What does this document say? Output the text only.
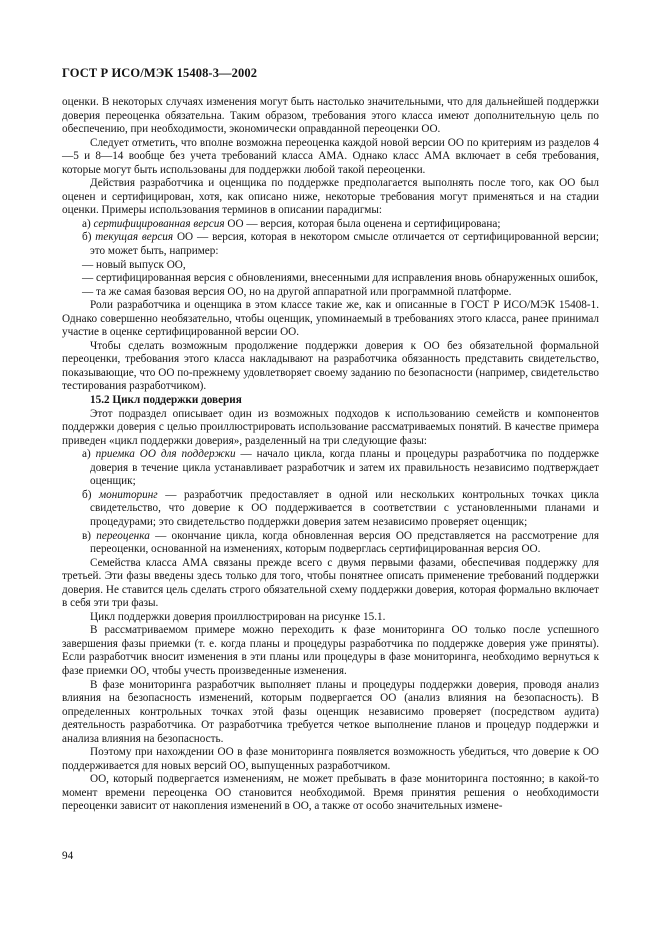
ГОСТ Р ИСО/МЭК 15408-3—2002

оценки. В некоторых случаях изменения могут быть настолько значительными, что для дальнейшей поддержки доверия переоценка обязательна. Таким образом, требования этого класса имеют дополнительную цель по обеспечению, при необходимости, экономически оправданной переоценки ОО.

Следует отметить, что вполне возможна переоценка каждой новой версии ОО по критериям из разделов 4—5 и 8—14 вообще без учета требований класса АМА. Однако класс АМА включает в себя требования, которые могут быть использованы для поддержки любой такой переоценки.

Действия разработчика и оценщика по поддержке предполагается выполнять после того, как ОО был оценен и сертифицирован, хотя, как описано ниже, некоторые требования могут применяться и на стадии оценки. Примеры использования терминов в описании парадигмы:

а) сертифицированная версия ОО — версия, которая была оценена и сертифицирована;

б) текущая версия ОО — версия, которая в некотором смысле отличается от сертифицированной версии; это может быть, например:

— новый выпуск ОО,

— сертифицированная версия с обновлениями, внесенными для исправления вновь обнаруженных ошибок,

— та же самая базовая версия ОО, но на другой аппаратной или программной платформе.

Роли разработчика и оценщика в этом классе такие же, как и описанные в ГОСТ Р ИСО/МЭК 15408-1. Однако совершенно необязательно, чтобы оценщик, упоминаемый в требованиях этого класса, ранее принимал участие в оценке сертифицированной версии ОО.

Чтобы сделать возможным продолжение поддержки доверия к ОО без обязательной формальной переоценки, требования этого класса накладывают на разработчика обязанность представить свидетельство, показывающие, что ОО по-прежнему удовлетворяет своему заданию по безопасности (например, свидетельство тестирования разработчиком).

15.2 Цикл поддержки доверия

Этот подраздел описывает один из возможных подходов к использованию семейств и компонентов поддержки доверия с целью проиллюстрировать использование рассматриваемых понятий. В качестве примера приведен «цикл поддержки доверия», разделенный на три следующие фазы:

а) приемка ОО для поддержки — начало цикла, когда планы и процедуры разработчика по поддержке доверия в течение цикла устанавливает разработчик и затем их правильность независимо подтверждает оценщик;

б) мониторинг — разработчик предоставляет в одной или нескольких контрольных точках цикла свидетельство, что доверие к ОО поддерживается в соответствии с установленными планами и процедурами; это свидетельство поддержки доверия затем независимо проверяет оценщик;

в) переоценка — окончание цикла, когда обновленная версия ОО представляется на рассмотрение для переоценки, основанной на изменениях, которым подверглась сертифицированная версия ОО.

Семейства класса АМА связаны прежде всего с двумя первыми фазами, обеспечивая поддержку для третьей. Эти фазы введены здесь только для того, чтобы понятнее описать применение требований поддержки доверия. Не ставится цель сделать строго обязательной схему поддержки доверия, которая формально включает в себя эти три фазы.

Цикл поддержки доверия проиллюстрирован на рисунке 15.1.

В рассматриваемом примере можно переходить к фазе мониторинга ОО только после успешного завершения фазы приемки (т. е. когда планы и процедуры разработчика по поддержке доверия уже приняты). Если разработчик вносит изменения в эти планы или процедуры в фазе мониторинга, необходимо вернуться к фазе приемки ОО, чтобы учесть произведенные изменения.

В фазе мониторинга разработчик выполняет планы и процедуры поддержки доверия, проводя анализ влияния на безопасность изменений, которым подвергается ОО (анализ влияния на безопасность). В определенных контрольных точках этой фазы оценщик независимо проверяет (посредством аудита) деятельность разработчика. От разработчика требуется четкое выполнение планов и процедур поддержки и анализа влияния на безопасность.

Поэтому при нахождении ОО в фазе мониторинга появляется возможность убедиться, что доверие к ОО поддерживается для новых версий ОО, выпущенных разработчиком.

ОО, который подвергается изменениям, не может пребывать в фазе мониторинга постоянно; в какой-то момент времени переоценка ОО становится необходимой. Время принятия решения о необходимости переоценки зависит от накопления изменений в ОО, а также от особо значительных измене-

94
